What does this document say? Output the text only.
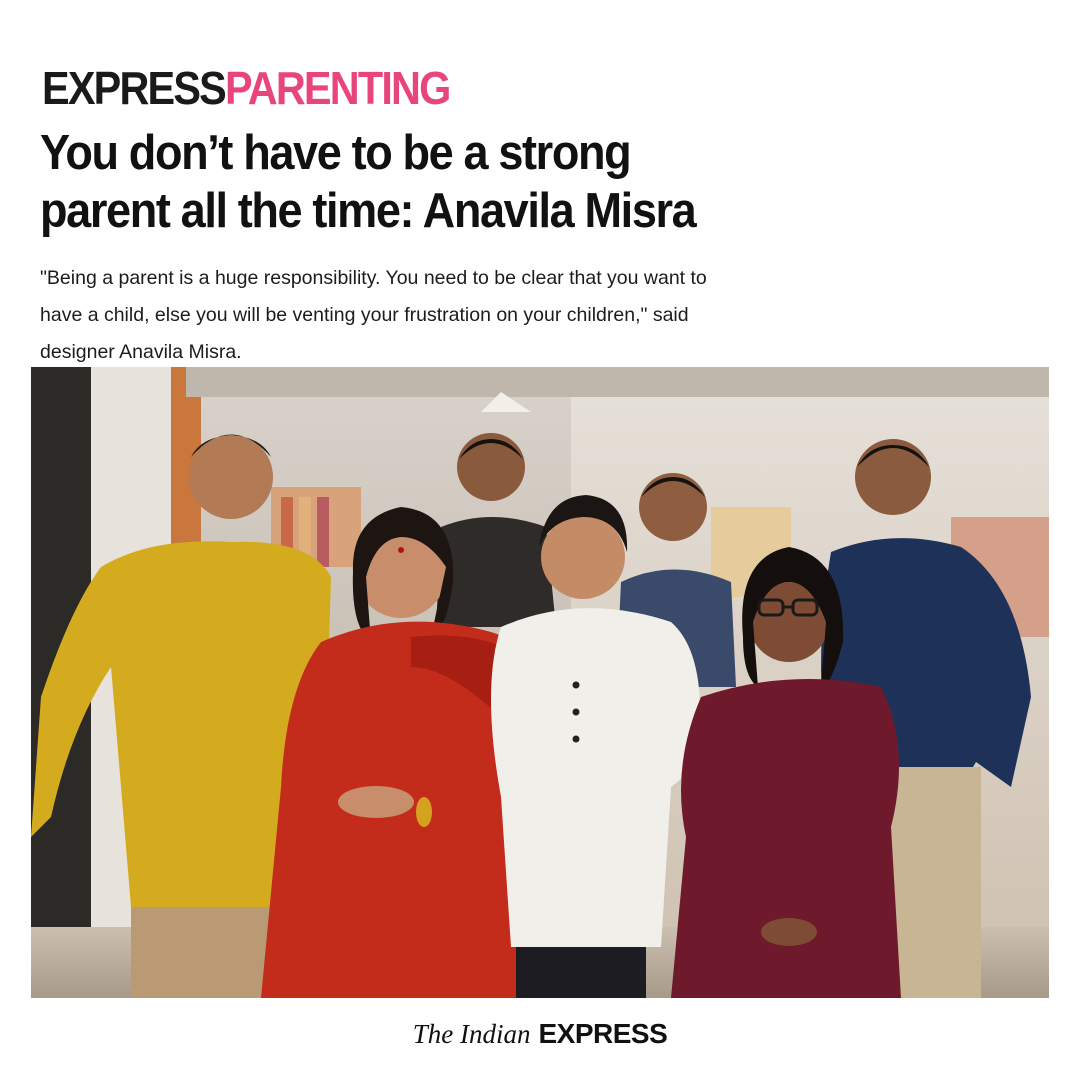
EXPRESSPARENTING
You don’t have to be a strong parent all the time: Anavila Misra

"Being a parent is a huge responsibility. You need to be clear that you want to have a child, else you will be venting your frustration on your children," said designer Anavila Misra.

The Indian EXPRESS
